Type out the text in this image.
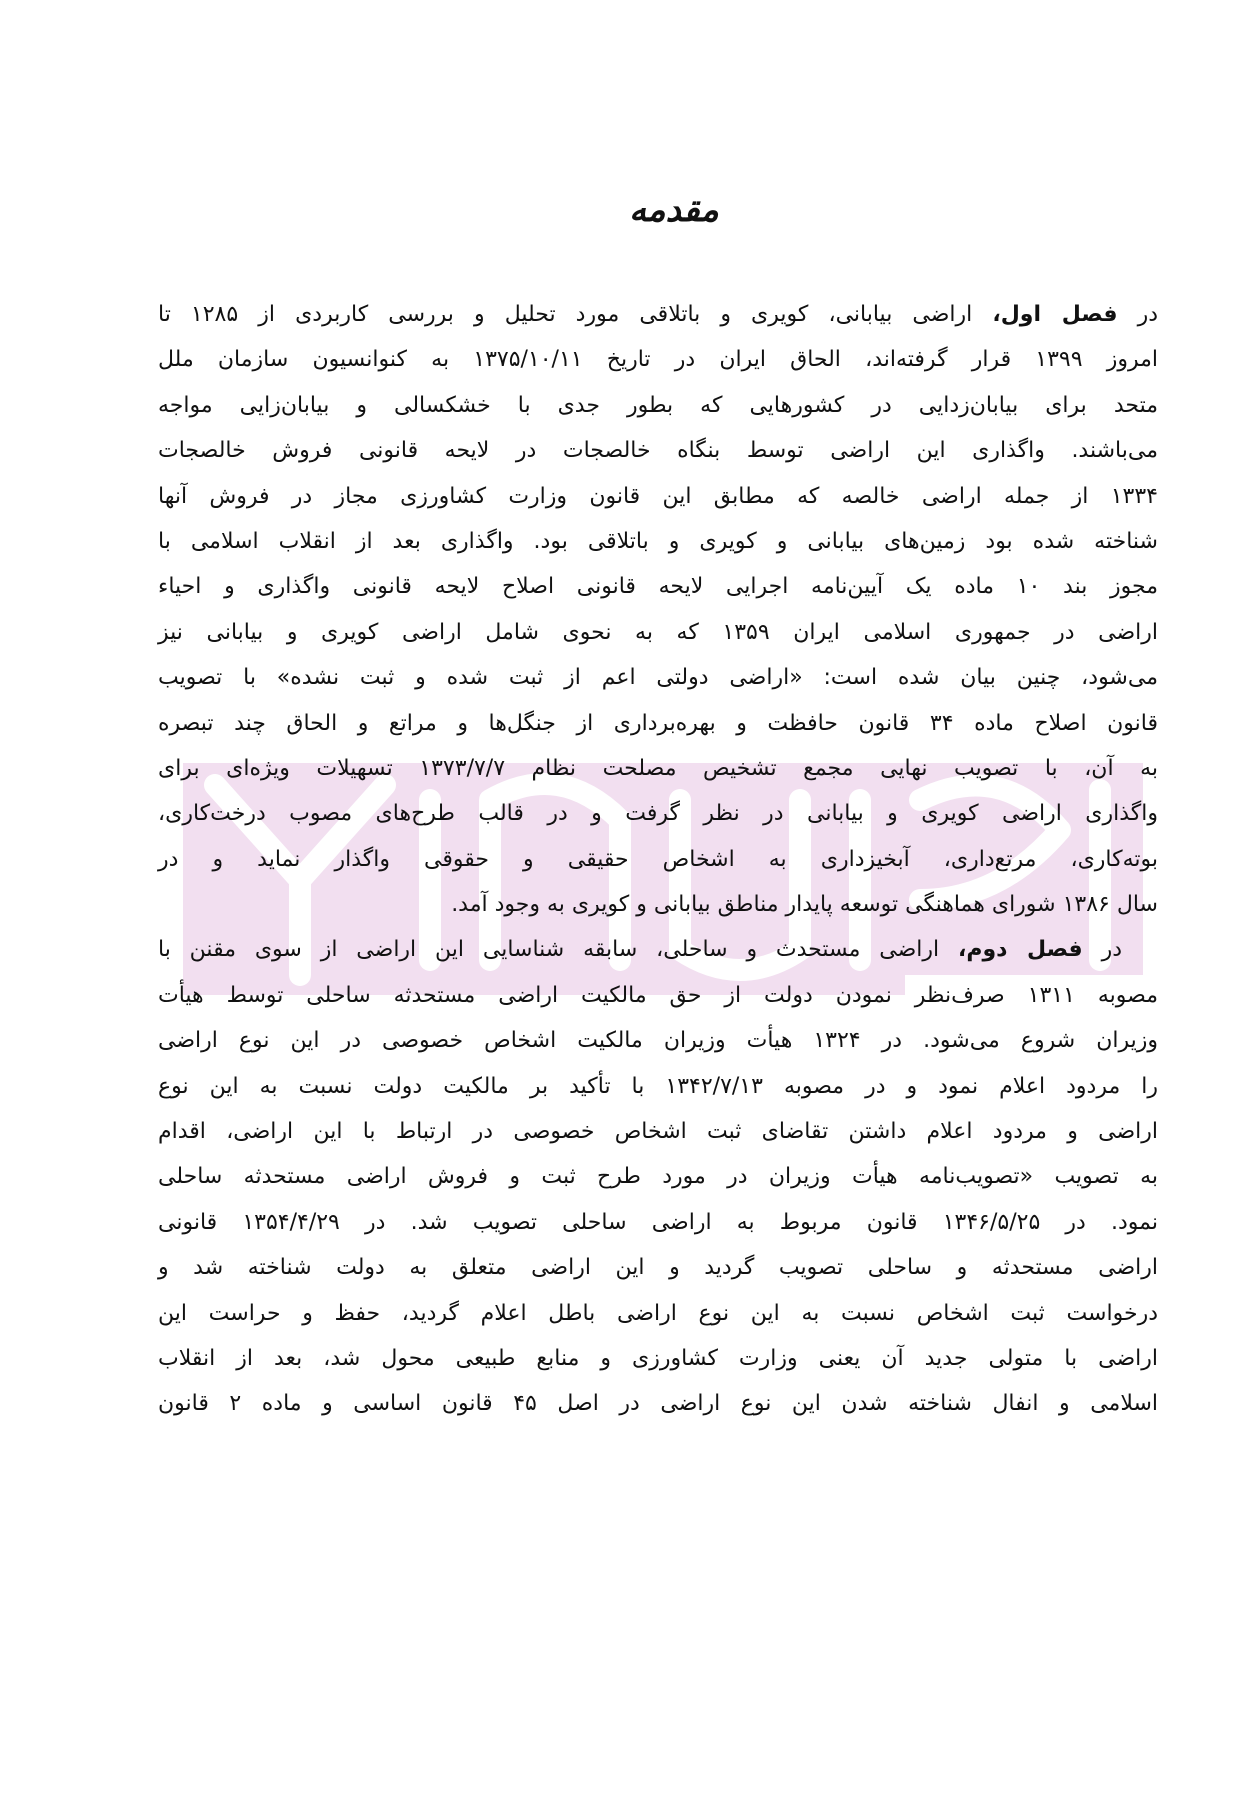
مقدمه
در فصل اول، اراضی بیابانی، کویری و باتلاقی مورد تحلیل و بررسی کاربردی از ۱۲۸۵ تا
امروز ۱۳۹۹ قرار گرفته‌اند، الحاق ایران در تاریخ ۱۳۷۵/۱۰/۱۱ به کنوانسیون سازمان ملل
متحد برای بیابان‌زدایی در کشورهایی که بطور جدی با خشکسالی و بیابان‌زایی مواجه
می‌باشند. واگذاری این اراضی توسط بنگاه خالصجات در لایحه قانونی فروش خالصجات
۱۳۳۴ از جمله اراضی خالصه که مطابق این قانون وزارت کشاورزی مجاز در فروش آنها
شناخته شده بود زمین‌های بیابانی و کویری و باتلاقی بود. واگذاری بعد از انقلاب اسلامی با
مجوز بند ۱۰ ماده یک آیین‌نامه اجرایی لایحه قانونی اصلاح لایحه قانونی واگذاری و احیاء
اراضی در جمهوری اسلامی ایران ۱۳۵۹ که به نحوی شامل اراضی کویری و بیابانی نیز
می‌شود، چنین بیان شده است: «اراضی دولتی اعم از ثبت شده و ثبت نشده» با تصویب
قانون اصلاح ماده ۳۴ قانون حافظت و بهره‌برداری از جنگل‌ها و مراتع و الحاق چند تبصره
به آن، با تصویب نهایی مجمع تشخیص مصلحت نظام ۱۳۷۳/۷/۷ تسهیلات ویژه‌ای برای
واگذاری اراضی کویری و بیابانی در نظر گرفت و در قالب طرح‌های مصوب درخت‌کاری،
بوته‌کاری، مرتع‌داری، آبخیزداری به اشخاص حقیقی و حقوقی واگذار نماید و در
سال ۱۳۸۶ شورای هماهنگی توسعه پایدار مناطق بیابانی و کویری به وجود آمد.
در فصل دوم، اراضی مستحدث و ساحلی، سابقه شناسایی این اراضی از سوی مقنن با
مصوبه ۱۳۱۱ صرف‌نظر نمودن دولت از حق مالکیت اراضی مستحدثه ساحلی توسط هیأت
وزیران شروع می‌شود. در ۱۳۲۴ هیأت وزیران مالکیت اشخاص خصوصی در این نوع اراضی
را مردود اعلام نمود و در مصوبه ۱۳۴۲/۷/۱۳ با تأکید بر مالکیت دولت نسبت به این نوع
اراضی و مردود اعلام داشتن تقاضای ثبت اشخاص خصوصی در ارتباط با این اراضی، اقدام
به تصویب «تصویب‌نامه هیأت وزیران در مورد طرح ثبت و فروش اراضی مستحدثه ساحلی
نمود. در ۱۳۴۶/۵/۲۵ قانون مربوط به اراضی ساحلی تصویب شد. در ۱۳۵۴/۴/۲۹ قانونی
اراضی مستحدثه و ساحلی تصویب گردید و این اراضی متعلق به دولت شناخته شد و
درخواست ثبت اشخاص نسبت به این نوع اراضی باطل اعلام گردید، حفظ و حراست این
اراضی با متولی جدید آن یعنی وزارت کشاورزی و منابع طبیعی محول شد، بعد از انقلاب
اسلامی و انفال شناخته شدن این نوع اراضی در اصل ۴۵ قانون اساسی و ماده ۲ قانون
